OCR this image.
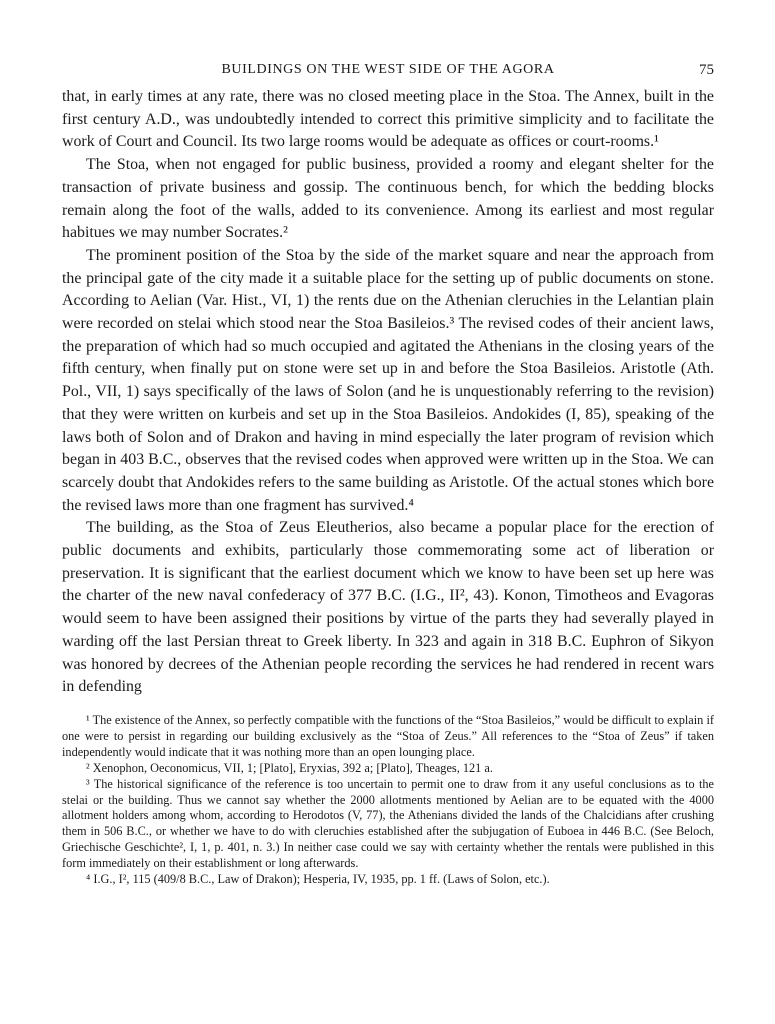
BUILDINGS ON THE WEST SIDE OF THE AGORA	75

that, in early times at any rate, there was no closed meeting place in the Stoa. The Annex, built in the first century A.D., was undoubtedly intended to correct this primitive simplicity and to facilitate the work of Court and Council. Its two large rooms would be adequate as offices or court-rooms.¹

The Stoa, when not engaged for public business, provided a roomy and elegant shelter for the transaction of private business and gossip. The continuous bench, for which the bedding blocks remain along the foot of the walls, added to its convenience. Among its earliest and most regular habitues we may number Socrates.²

The prominent position of the Stoa by the side of the market square and near the approach from the principal gate of the city made it a suitable place for the setting up of public documents on stone. According to Aelian (Var. Hist., VI, 1) the rents due on the Athenian cleruchies in the Lelantian plain were recorded on stelai which stood near the Stoa Basileios.³ The revised codes of their ancient laws, the preparation of which had so much occupied and agitated the Athenians in the closing years of the fifth century, when finally put on stone were set up in and before the Stoa Basileios. Aristotle (Ath. Pol., VII, 1) says specifically of the laws of Solon (and he is unquestionably referring to the revision) that they were written on kurbeis and set up in the Stoa Basileios. Andokides (I, 85), speaking of the laws both of Solon and of Drakon and having in mind especially the later program of revision which began in 403 B.C., observes that the revised codes when approved were written up in the Stoa. We can scarcely doubt that Andokides refers to the same building as Aristotle. Of the actual stones which bore the revised laws more than one fragment has survived.⁴

The building, as the Stoa of Zeus Eleutherios, also became a popular place for the erection of public documents and exhibits, particularly those commemorating some act of liberation or preservation. It is significant that the earliest document which we know to have been set up here was the charter of the new naval confederacy of 377 B.C. (I.G., II², 43). Konon, Timotheos and Evagoras would seem to have been assigned their positions by virtue of the parts they had severally played in warding off the last Persian threat to Greek liberty. In 323 and again in 318 B.C. Euphron of Sikyon was honored by decrees of the Athenian people recording the services he had rendered in recent wars in defending

¹ The existence of the Annex, so perfectly compatible with the functions of the “Stoa Basileios,” would be difficult to explain if one were to persist in regarding our building exclusively as the “Stoa of Zeus.” All references to the “Stoa of Zeus” if taken independently would indicate that it was nothing more than an open lounging place.

² Xenophon, Oeconomicus, VII, 1; [Plato], Eryxias, 392 a; [Plato], Theages, 121 a.

³ The historical significance of the reference is too uncertain to permit one to draw from it any useful conclusions as to the stelai or the building. Thus we cannot say whether the 2000 allotments mentioned by Aelian are to be equated with the 4000 allotment holders among whom, according to Herodotos (V, 77), the Athenians divided the lands of the Chalcidians after crushing them in 506 B.C., or whether we have to do with cleruchies established after the subjugation of Euboea in 446 B.C. (See Beloch, Griechische Geschichte², I, 1, p. 401, n. 3.) In neither case could we say with certainty whether the rentals were published in this form immediately on their establishment or long afterwards.

⁴ I.G., I², 115 (409/8 B.C., Law of Drakon); Hesperia, IV, 1935, pp. 1 ff. (Laws of Solon, etc.).
